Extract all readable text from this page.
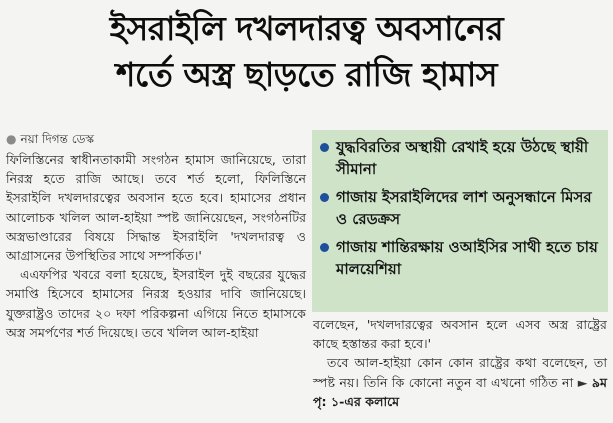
ইসরাইলি দখলদারত্ব অবসানের
শর্তে অস্ত্র ছাড়তে রাজি হামাস
● নয়া দিগন্ত ডেস্ক

ফিলিস্তিনের স্বাধীনতাকামী সংগঠন হামাস জানিয়েছে, তারা নিরস্ত্র হতে রাজি আছে। তবে শর্ত হলো, ফিলিস্তিনে ইসরাইলি দখলদারত্বের অবসান হতে হবে। হামাসের প্রধান আলোচক খলিল আল-হাইয়া স্পষ্ট জানিয়েছেন, সংগঠনটির অস্ত্রভাণ্ডারের বিষয়ে সিদ্ধান্ত ইসরাইলি 'দখলদারত্ব ও আগ্রাসনের উপস্থিতির সাথে সম্পর্কিত।'

এএফপির খবরে বলা হয়েছে, ইসরাইল দুই বছরের যুদ্ধের সমাপ্তি হিসেবে হামাসের নিরস্ত্র হওয়ার দাবি জানিয়েছে। যুক্তরাষ্ট্রও তাদের ২০ দফা পরিকল্পনা এগিয়ে নিতে হামাসকে অস্ত্র সমর্পণের শর্ত দিয়েছে। তবে খলিল আল-হাইয়া

যুদ্ধবিরতির অস্থায়ী রেখাই হয়ে উঠছে স্থায়ী সীমানা
গাজায় ইসরাইলিদের লাশ অনুসন্ধানে মিসর ও রেডক্রস
গাজায় শান্তিরক্ষায় ওআইসির সাথী হতে চায় মালয়েশিয়া

বলেছেন, 'দখলদারত্বের অবসান হলে এসব অস্ত্র রাষ্ট্রের কাছে হস্তান্তর করা হবে।'

তবে আল-হাইয়া কোন কোন রাষ্ট্রের কথা বলেছেন, তা স্পষ্ট নয়। তিনি কি কোনো নতুন বা এখনো গঠিত না ► ৯ম পৃ: ১-এর কলামে
